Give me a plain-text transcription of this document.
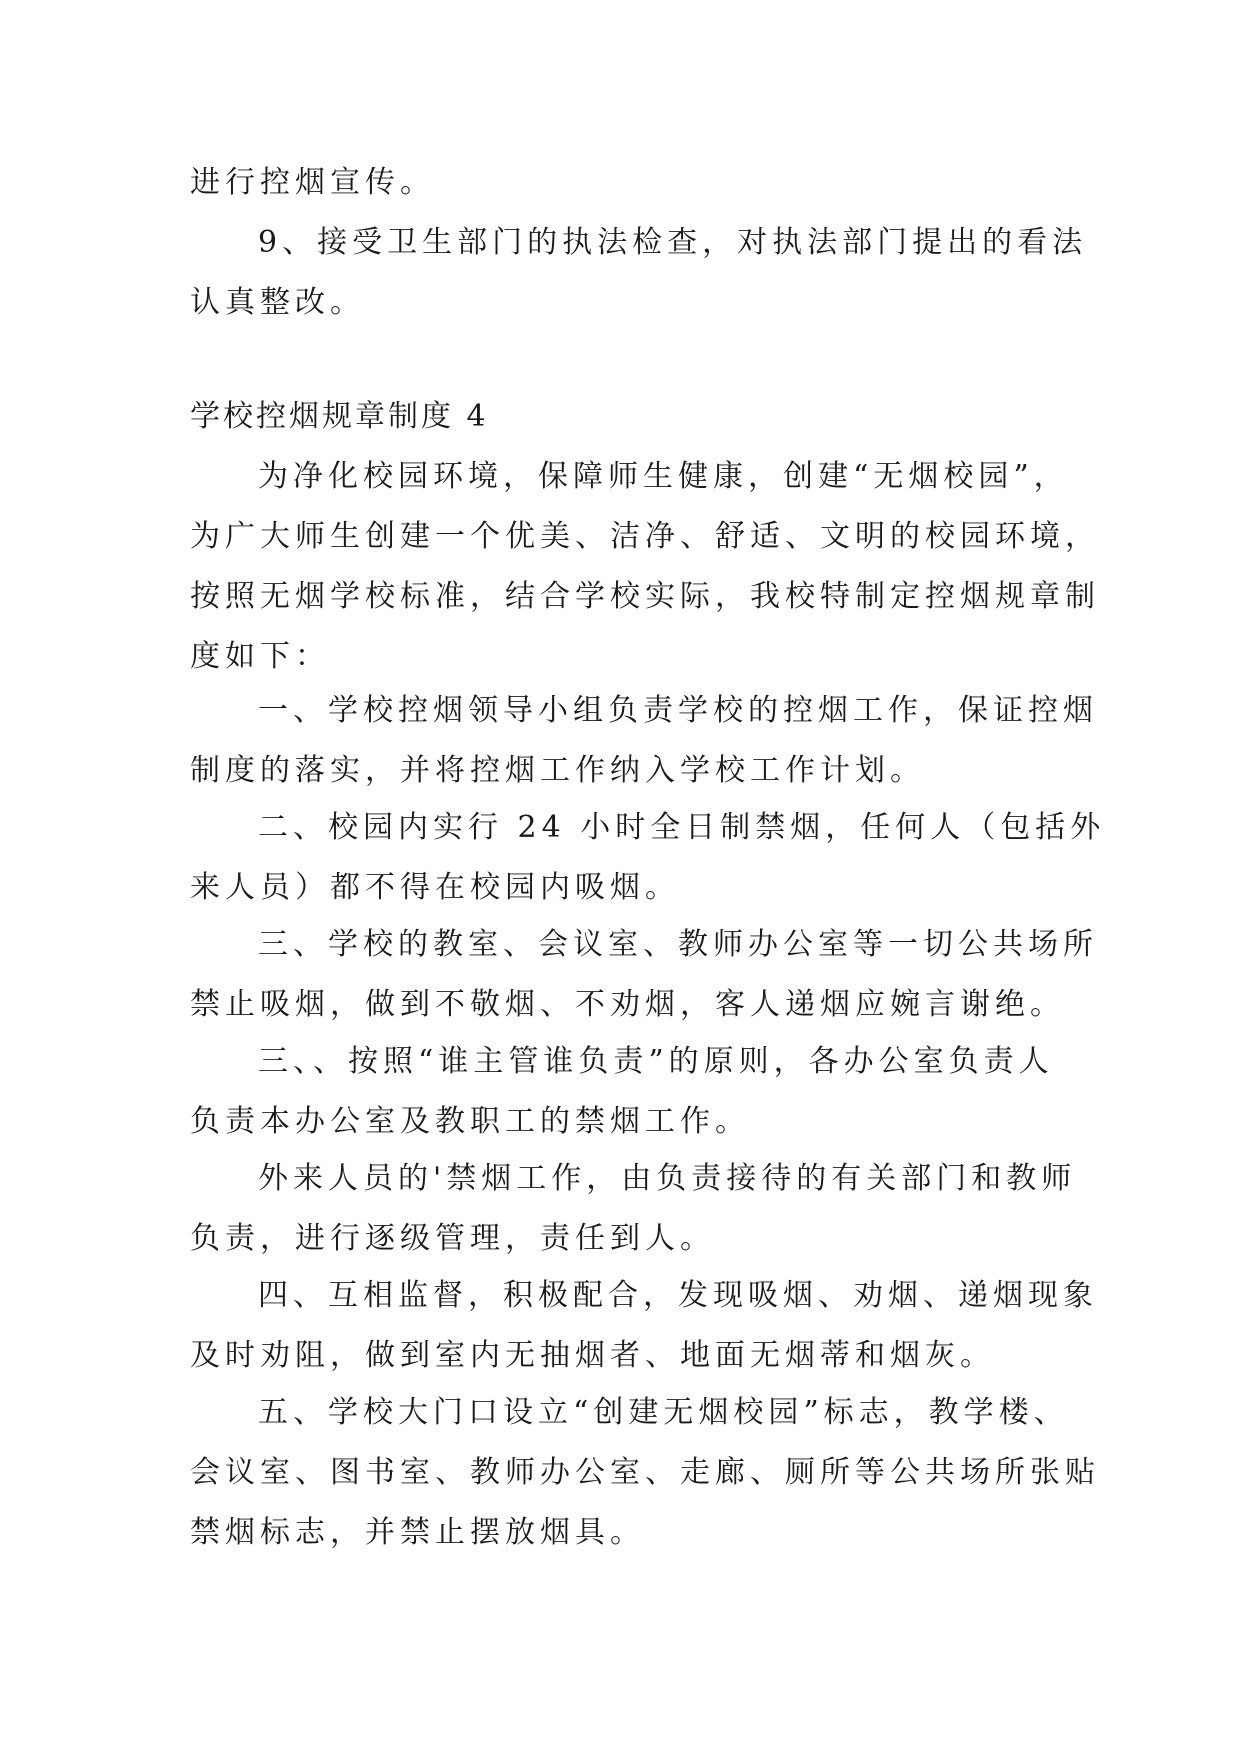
进行控烟宣传。
9、接受卫生部门的执法检查，对执法部门提出的看法
认真整改。
学校控烟规章制度 4
为净化校园环境，保障师生健康，创建“无烟校园”，
为广大师生创建一个优美、洁净、舒适、文明的校园环境，
按照无烟学校标准，结合学校实际，我校特制定控烟规章制
度如下：
一、学校控烟领导小组负责学校的控烟工作，保证控烟
制度的落实，并将控烟工作纳入学校工作计划。
二、校园内实行 24 小时全日制禁烟，任何人（包括外
来人员）都不得在校园内吸烟。
三、学校的教室、会议室、教师办公室等一切公共场所
禁止吸烟，做到不敬烟、不劝烟，客人递烟应婉言谢绝。
三、、按照“谁主管谁负责”的原则，各办公室负责人
负责本办公室及教职工的禁烟工作。
外来人员的'禁烟工作，由负责接待的有关部门和教师
负责，进行逐级管理，责任到人。
四、互相监督，积极配合，发现吸烟、劝烟、递烟现象
及时劝阻，做到室内无抽烟者、地面无烟蒂和烟灰。
五、学校大门口设立“创建无烟校园”标志，教学楼、
会议室、图书室、教师办公室、走廊、厕所等公共场所张贴
禁烟标志，并禁止摆放烟具。
